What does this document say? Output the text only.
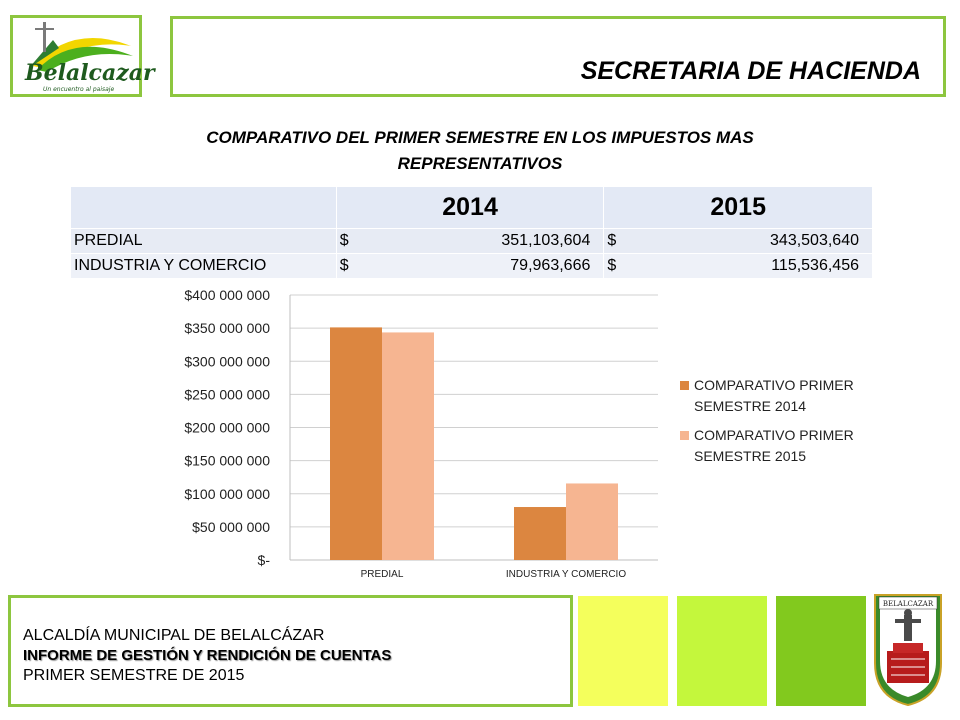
Belalcazar
Un encuentro al paisaje
SECRETARIA DE HACIENDA
COMPARATIVO DEL PRIMER SEMESTRE EN LOS IMPUESTOS MAS REPRESENTATIVOS
	2014	2015
PREDIAL	$ 351,103,604	$ 343,503,640

INDUSTRIA Y COMERCIO	$ 79,963,666	$ 115,536,456
$-
$50 000 000
$100 000 000
$150 000 000
$200 000 000
$250 000 000
$300 000 000
$350 000 000
$400 000 000
PREDIAL	INDUSTRIA Y COMERCIO
COMPARATIVO PRIMER
SEMESTRE 2014
COMPARATIVO PRIMER
SEMESTRE 2015
ALCALDÍA MUNICIPAL DE BELALCÁZAR
INFORME DE GESTIÓN Y RENDICIÓN DE CUENTAS
PRIMER SEMESTRE DE 2015
BELALCAZAR
